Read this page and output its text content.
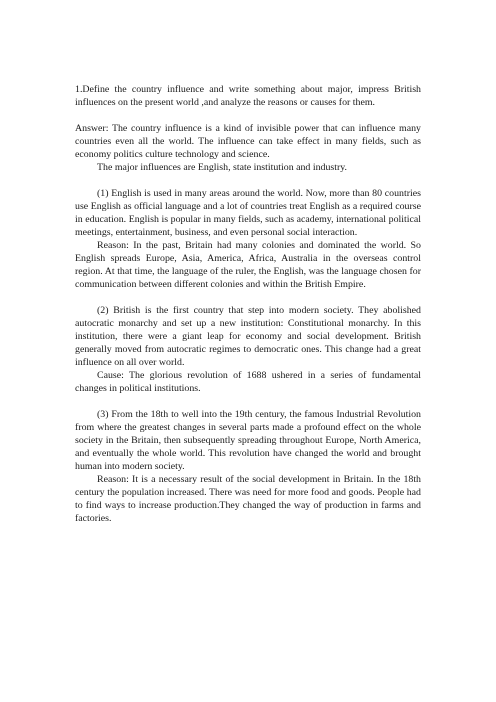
1.Define the country influence and write something about major, impress British influences on the present world ,and analyze the reasons or causes for them.

Answer: The country influence is a kind of invisible power that can influence many countries even all the world. The influence can take effect in many fields, such as economy politics culture technology and science.

The major influences are English, state institution and industry.

(1) English is used in many areas around the world. Now, more than 80 countries use English as official language and a lot of countries treat English as a required course in education. English is popular in many fields, such as academy, international political meetings, entertainment, business, and even personal social interaction.

Reason: In the past, Britain had many colonies and dominated the world. So English spreads Europe, Asia, America, Africa, Australia in the overseas control region. At that time, the language of the ruler, the English, was the language chosen for communication between different colonies and within the British Empire.

(2) British is the first country that step into modern society. They abolished autocratic monarchy and set up a new institution: Constitutional monarchy. In this institution, there were a giant leap for economy and social development. British generally moved from autocratic regimes to democratic ones. This change had a great influence on all over world.

Cause: The glorious revolution of 1688 ushered in a series of fundamental changes in political institutions.

(3) From the 18th to well into the 19th century, the famous Industrial Revolution from where the greatest changes in several parts made a profound effect on the whole society in the Britain, then subsequently spreading throughout Europe, North America, and eventually the whole world. This revolution have changed the world and brought human into modern society.

Reason: It is a necessary result of the social development in Britain. In the 18th century the population increased. There was need for more food and goods. People had to find ways to increase production.They changed the way of production in farms and factories.
